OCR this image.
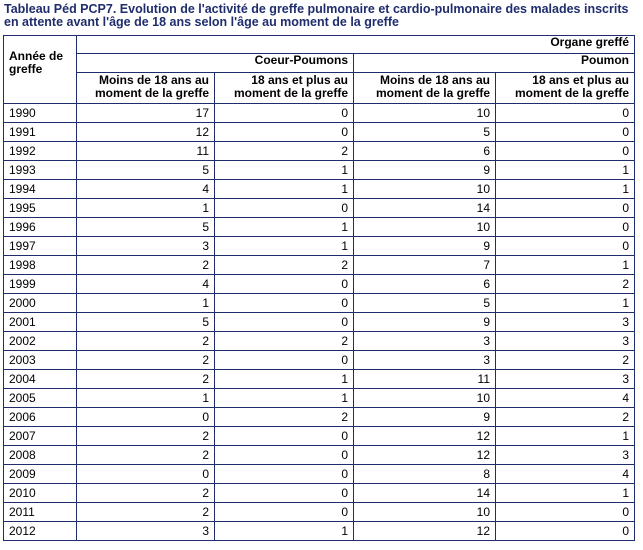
Tableau Péd PCP7. Evolution de l'activité de greffe pulmonaire et cardio-pulmonaire des malades inscrits
en attente avant l'âge de 18 ans selon l'âge au moment de la greffe
Année de greffe	Organe greffé			
	Coeur-Poumons		Poumon	
	Moins de 18 ans au moment de la greffe	18 ans et plus au moment de la greffe	Moins de 18 ans au moment de la greffe	18 ans et plus au moment de la greffe
1990	17	0	10	0
1991	12	0	5	0
1992	11	2	6	0
1993	5	1	9	1
1994	4	1	10	1
1995	1	0	14	0
1996	5	1	10	0
1997	3	1	9	0
1998	2	2	7	1
1999	4	0	6	2
2000	1	0	5	1
2001	5	0	9	3
2002	2	2	3	3
2003	2	0	3	2
2004	2	1	11	3
2005	1	1	10	4
2006	0	2	9	2
2007	2	0	12	1
2008	2	0	12	3
2009	0	0	8	4
2010	2	0	14	1
2011	2	0	10	0
2012	3	1	12	0
